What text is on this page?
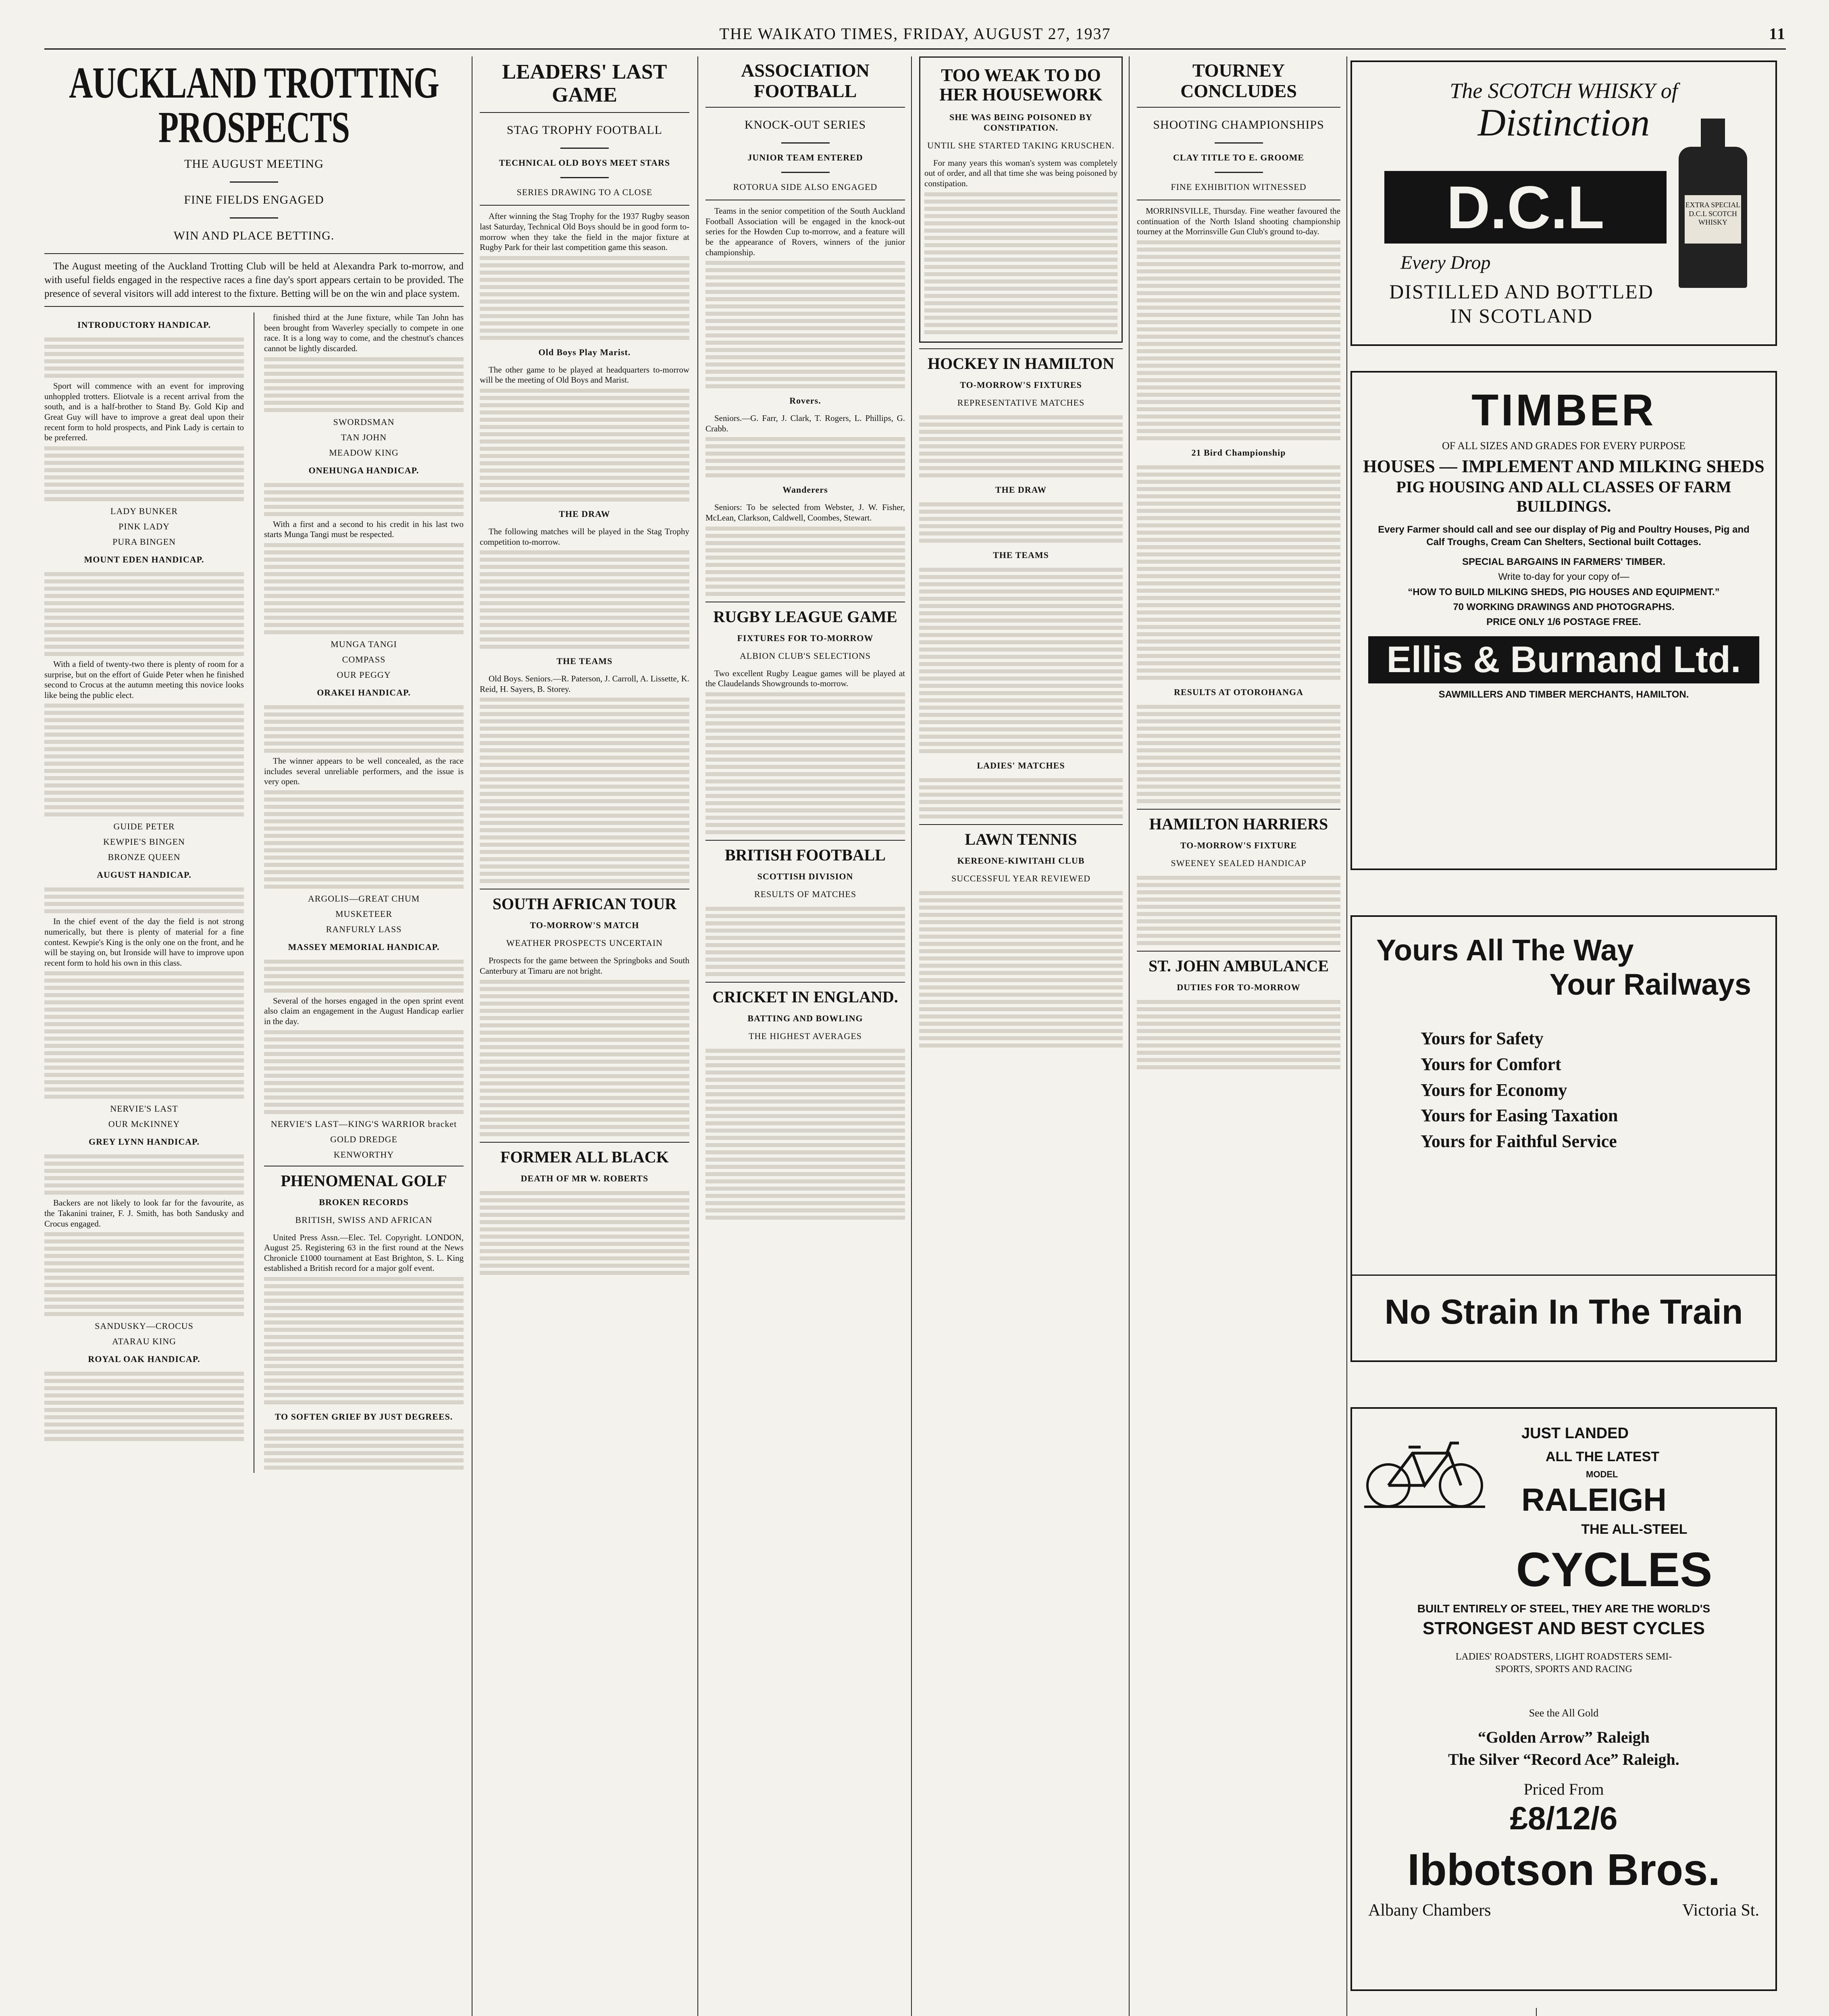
THE WAIKATO TIMES, FRIDAY, AUGUST 27, 1937	11
AUCKLAND TROTTING PROSPECTS
THE AUGUST MEETING
FINE FIELDS ENGAGED
WIN AND PLACE BETTING.

The August meeting of the Auckland Trotting Club will be held at Alexandra Park to-morrow, and with useful fields engaged in the respective races a fine day's sport appears certain to be provided. The presence of several visitors will add interest to the fixture. Betting will be on the win and place system.

INTRODUCTORY HANDICAP.

Sport will commence with an event for improving unhoppled trotters. Eliotvale is a recent arrival from the south, and is a half-brother to Stand By. Gold Kip and Great Guy will have to improve a great deal upon their recent form to hold prospects, and Pink Lady is certain to be preferred.

LADY BUNKER
PINK LADY
PURA BINGEN
MOUNT EDEN HANDICAP.

With a field of twenty-two there is plenty of room for a surprise, but on the effort of Guide Peter when he finished second to Crocus at the autumn meeting this novice looks like being the public elect.

GUIDE PETER
KEWPIE'S BINGEN
BRONZE QUEEN
AUGUST HANDICAP.

In the chief event of the day the field is not strong numerically, but there is plenty of material for a fine contest. Kewpie's King is the only one on the front, and he will be staying on, but Ironside will have to improve upon recent form to hold his own in this class.

NERVIE'S LAST
OUR McKINNEY
GREY LYNN HANDICAP.

Backers are not likely to look far for the favourite, as the Takanini trainer, F. J. Smith, has both Sandusky and Crocus engaged.

SANDUSKY—CROCUS
ATARAU KING
ROYAL OAK HANDICAP.

finished third at the June fixture, while Tan John has been brought from Waverley specially to compete in one race. It is a long way to come, and the chestnut's chances cannot be lightly discarded.

SWORDSMAN
TAN JOHN
MEADOW KING
ONEHUNGA HANDICAP.

With a first and a second to his credit in his last two starts Munga Tangi must be respected.

MUNGA TANGI
COMPASS
OUR PEGGY
ORAKEI HANDICAP.

The winner appears to be well concealed, as the race includes several unreliable performers, and the issue is very open.

ARGOLIS—GREAT CHUM
MUSKETEER
RANFURLY LASS
MASSEY MEMORIAL HANDICAP.

Several of the horses engaged in the open sprint event also claim an engagement in the August Handicap earlier in the day.

NERVIE'S LAST—KING'S WARRIOR bracket
GOLD DREDGE
KENWORTHY
PHENOMENAL GOLF
BROKEN RECORDS
BRITISH, SWISS AND AFRICAN

United Press Assn.—Elec. Tel. Copyright. LONDON, August 25. Registering 63 in the first round at the News Chronicle £1000 tournament at East Brighton, S. L. King established a British record for a major golf event.

TO SOFTEN GRIEF BY JUST DEGREES.
LEADERS' LAST GAME
STAG TROPHY FOOTBALL
TECHNICAL OLD BOYS MEET STARS
SERIES DRAWING TO A CLOSE

After winning the Stag Trophy for the 1937 Rugby season last Saturday, Technical Old Boys should be in good form to-morrow when they take the field in the major fixture at Rugby Park for their last competition game this season.

Old Boys Play Marist.

The other game to be played at headquarters to-morrow will be the meeting of Old Boys and Marist.

THE DRAW

The following matches will be played in the Stag Trophy competition to-morrow.

THE TEAMS

Old Boys. Seniors.—R. Paterson, J. Carroll, A. Lissette, K. Reid, H. Sayers, B. Storey.

SOUTH AFRICAN TOUR
TO-MORROW'S MATCH
WEATHER PROSPECTS UNCERTAIN

Prospects for the game between the Springboks and South Canterbury at Timaru are not bright.

FORMER ALL BLACK
DEATH OF MR W. ROBERTS
ASSOCIATION FOOTBALL
KNOCK-OUT SERIES
JUNIOR TEAM ENTERED
ROTORUA SIDE ALSO ENGAGED

Teams in the senior competition of the South Auckland Football Association will be engaged in the knock-out series for the Howden Cup to-morrow, and a feature will be the appearance of Rovers, winners of the junior championship.

Rovers.

Seniors.—G. Farr, J. Clark, T. Rogers, L. Phillips, G. Crabb.

Wanderers

Seniors: To be selected from Webster, J. W. Fisher, McLean, Clarkson, Caldwell, Coombes, Stewart.

RUGBY LEAGUE GAME
FIXTURES FOR TO-MORROW
ALBION CLUB'S SELECTIONS

Two excellent Rugby League games will be played at the Claudelands Showgrounds to-morrow.

BRITISH FOOTBALL
SCOTTISH DIVISION
RESULTS OF MATCHES
CRICKET IN ENGLAND.
BATTING AND BOWLING
THE HIGHEST AVERAGES
TOO WEAK TO DO HER HOUSEWORK
SHE WAS BEING POISONED BY CONSTIPATION.
UNTIL SHE STARTED TAKING KRUSCHEN.

For many years this woman's system was completely out of order, and all that time she was being poisoned by constipation.

HOCKEY IN HAMILTON
TO-MORROW'S FIXTURES
REPRESENTATIVE MATCHES
THE DRAW
THE TEAMS
LADIES' MATCHES
LAWN TENNIS
KEREONE-KIWITAHI CLUB
SUCCESSFUL YEAR REVIEWED
TOURNEY CONCLUDES
SHOOTING CHAMPIONSHIPS
CLAY TITLE TO E. GROOME
FINE EXHIBITION WITNESSED

MORRINSVILLE, Thursday. Fine weather favoured the continuation of the North Island shooting championship tourney at the Morrinsville Gun Club's ground to-day.

21 Bird Championship
RESULTS AT OTOROHANGA
HAMILTON HARRIERS
TO-MORROW'S FIXTURE
SWEENEY SEALED HANDICAP
ST. JOHN AMBULANCE
DUTIES FOR TO-MORROW
The SCOTCH WHISKY of
Distinction
D.C.L	EXTRA SPECIAL D.C.L SCOTCH WHISKY
Every Drop
DISTILLED AND BOTTLED
IN SCOTLAND
TIMBER
OF ALL SIZES AND GRADES FOR EVERY PURPOSE
HOUSES — IMPLEMENT AND MILKING SHEDS
PIG HOUSING AND ALL CLASSES OF FARM BUILDINGS.
Every Farmer should call and see our display of Pig and Poultry Houses, Pig and Calf Troughs, Cream Can Shelters, Sectional built Cottages.
SPECIAL BARGAINS IN FARMERS' TIMBER.
Write to-day for your copy of—
“HOW TO BUILD MILKING SHEDS, PIG HOUSES AND EQUIPMENT.”
70 WORKING DRAWINGS AND PHOTOGRAPHS.
PRICE ONLY 1/6 POSTAGE FREE.
Ellis & Burnand Ltd.
SAWMILLERS AND TIMBER MERCHANTS, HAMILTON.
Yours All The Way
Your Railways
Yours for Safety
Yours for Comfort
Yours for Economy
Yours for Easing Taxation
Yours for Faithful Service
No Strain In The Train
JUST LANDED
ALL THE LATEST
MODEL
RALEIGH
THE ALL-STEEL
CYCLES
BUILT ENTIRELY OF STEEL, THEY ARE THE WORLD'S
STRONGEST AND BEST CYCLES
LADIES' ROADSTERS, LIGHT ROADSTERS SEMI-SPORTS, SPORTS AND RACING
See the All Gold
“Golden Arrow” Raleigh
The Silver “Record Ace” Raleigh.
Priced From
£8/12/6
Ibbotson Bros.
Albany Chambers	Victoria St.
